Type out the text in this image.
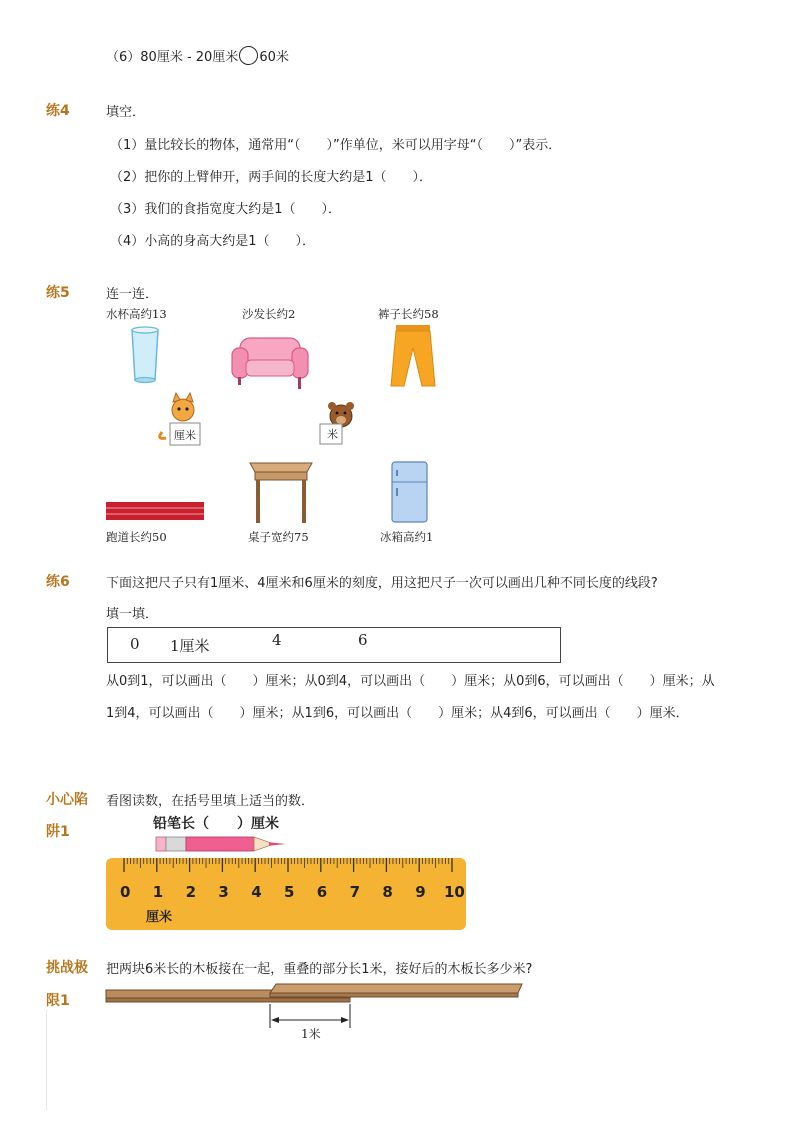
（6）80厘米 - 20厘米 60米
练4	填空．
（1）量比较长的物体，通常用“（　　）”作单位，米可以用字母“（　　）”表示．
（2）把你的上臂伸开，两手间的长度大约是1（　　）．
（3）我们的食指宽度大约是1（　　）．
（4）小高的身高大约是1（　　）．
练5	连一连．
水杯高约13	沙发长约2	裤子长约58
厘米	米
跑道长约50	桌子宽约75	冰箱高约1
练6	下面这把尺子只有1厘米、4厘米和6厘米的刻度，用这把尺子一次可以画出几种不同长度的线段?
填一填．
0 1厘米	4	6
从0到1，可以画出（　　）厘米；从0到4，可以画出（　　）厘米；从0到6，可以画出（　　）厘米；从1到4，可以画出（　　）厘米；从1到6，可以画出（　　）厘米；从4到6，可以画出（　　）厘米．
小心陷
阱1
看图读数，在括号里填上适当的数．
铅笔长（　　）厘米
0 1 2 3 4 5 6 7 8 9 10
厘米
挑战极
限1
把两块6米长的木板接在一起，重叠的部分长1米，接好后的木板长多少米?
1米
